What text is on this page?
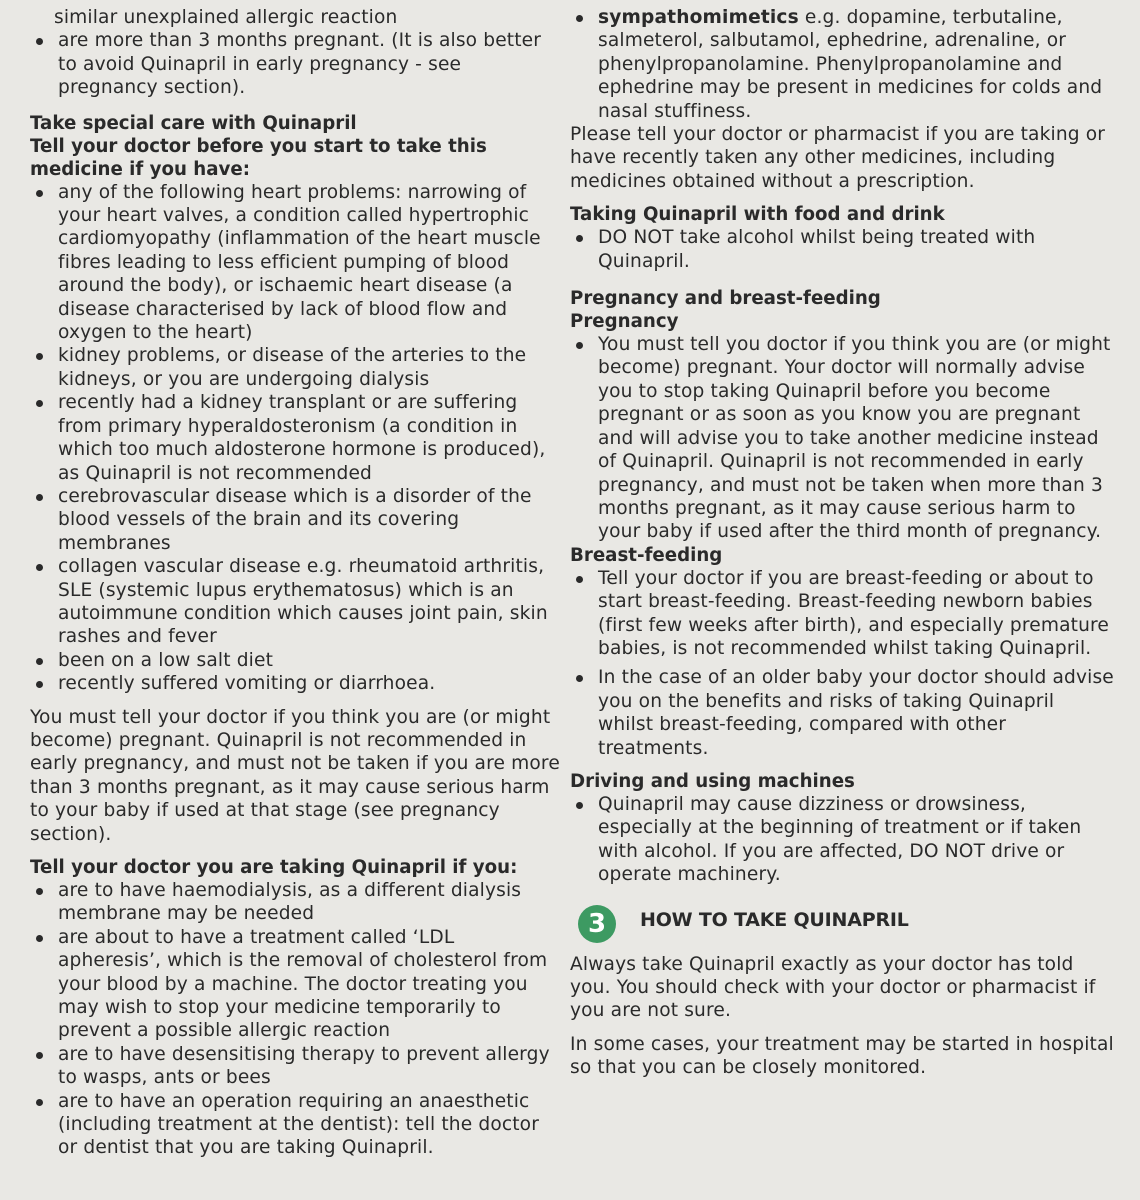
similar unexplained allergic reaction

are more than 3 months pregnant. (It is also better to avoid Quinapril in early pregnancy - see pregnancy section).

Take special care with Quinapril

Tell your doctor before you start to take this medicine if you have:

any of the following heart problems: narrowing of your heart valves, a condition called hypertrophic cardiomyopathy (inflammation of the heart muscle fibres leading to less efficient pumping of blood around the body), or ischaemic heart disease (a disease characterised by lack of blood flow and oxygen to the heart)
kidney problems, or disease of the arteries to the kidneys, or you are undergoing dialysis
recently had a kidney transplant or are suffering from primary hyperaldosteronism (a condition in which too much aldosterone hormone is produced), as Quinapril is not recommended
cerebrovascular disease which is a disorder of the blood vessels of the brain and its covering membranes
collagen vascular disease e.g. rheumatoid arthritis, SLE (systemic lupus erythematosus) which is an autoimmune condition which causes joint pain, skin rashes and fever
been on a low salt diet
recently suffered vomiting or diarrhoea.

You must tell your doctor if you think you are (or might become) pregnant. Quinapril is not recommended in early pregnancy, and must not be taken if you are more than 3 months pregnant, as it may cause serious harm to your baby if used at that stage (see pregnancy section).

Tell your doctor you are taking Quinapril if you:

are to have haemodialysis, as a different dialysis membrane may be needed
are about to have a treatment called ‘LDL apheresis’, which is the removal of cholesterol from your blood by a machine. The doctor treating you may wish to stop your medicine temporarily to prevent a possible allergic reaction
are to have desensitising therapy to prevent allergy to wasps, ants or bees
are to have an operation requiring an anaesthetic (including treatment at the dentist): tell the doctor or dentist that you are taking Quinapril.
sympathomimetics e.g. dopamine, terbutaline, salmeterol, salbutamol, ephedrine, adrenaline, or phenylpropanolamine. Phenylpropanolamine and ephedrine may be present in medicines for colds and nasal stuffiness.

Please tell your doctor or pharmacist if you are taking or have recently taken any other medicines, including medicines obtained without a prescription.

Taking Quinapril with food and drink

DO NOT take alcohol whilst being treated with Quinapril.

Pregnancy and breast-feeding

Pregnancy

You must tell you doctor if you think you are (or might become) pregnant. Your doctor will normally advise you to stop taking Quinapril before you become pregnant or as soon as you know you are pregnant and will advise you to take another medicine instead of Quinapril. Quinapril is not recommended in early pregnancy, and must not be taken when more than 3 months pregnant, as it may cause serious harm to your baby if used after the third month of pregnancy.

Breast-feeding

Tell your doctor if you are breast-feeding or about to start breast-feeding. Breast-feeding newborn babies (first few weeks after birth), and especially premature babies, is not recommended whilst taking Quinapril.
In the case of an older baby your doctor should advise you on the benefits and risks of taking Quinapril whilst breast-feeding, compared with other treatments.

Driving and using machines

Quinapril may cause dizziness or drowsiness, especially at the beginning of treatment or if taken with alcohol. If you are affected, DO NOT drive or operate machinery.
3	HOW TO TAKE QUINAPRIL

Always take Quinapril exactly as your doctor has told you. You should check with your doctor or pharmacist if you are not sure.

In some cases, your treatment may be started in hospital so that you can be closely monitored.
